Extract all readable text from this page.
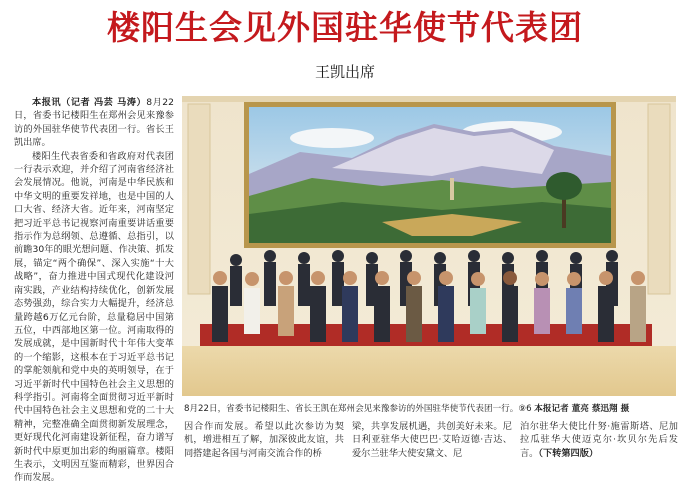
楼阳生会见外国驻华使节代表团
王凯出席

本报讯（记者 冯芸 马涛）8月22日，省委书记楼阳生在郑州会见来豫参访的外国驻华使节代表团一行。省长王凯出席。

楼阳生代表省委和省政府对代表团一行表示欢迎，并介绍了河南省经济社会发展情况。他说，河南是中华民族和中华文明的重要发祥地，也是中国的人口大省、经济大省。近年来，河南坚定把习近平总书记视察河南重要讲话重要指示作为总纲领、总遵循、总指引，以前瞻30年的眼光想问题、作决策、抓发展，锚定“两个确保”、深入实施“十大战略”，奋力推进中国式现代化建设河南实践，产业结构持续优化，创新发展态势强劲，综合实力大幅提升，经济总量跨越6万亿元台阶，总量稳居中国第五位，中西部地区第一位。河南取得的发展成就，是中国新时代十年伟大变革的一个缩影，这根本在于习近平总书记的掌舵领航和党中央的英明领导，在于习近平新时代中国特色社会主义思想的科学指引。河南将全面贯彻习近平新时代中国特色社会主义思想和党的二十大精神，完整准确全面贯彻新发展理念，更好现代化河南建设新征程，奋力谱写新时代中原更加出彩的绚丽篇章。楼阳生表示，文明因互鉴而精彩，世界因合作而发展。

8月22日，省委书记楼阳生、省长王凯在郑州会见来豫参访的外国驻华使节代表团一行。⑨6 本报记者 董亮 蔡迅翔 摄

因合作而发展。希望以此次参访为契机，增进相互了解，加深彼此友谊，共同搭建起各国与河南交流合作的桥

梁，共享发展机遇，共创美好未来。尼日利亚驻华大使巴巴·艾哈迈德·吉达、爱尔兰驻华大使安黛文、尼

泊尔驻华大使比什努·施雷斯塔、尼加拉瓜驻华大使迈克尔·坎贝尔先后发言。（下转第四版）
